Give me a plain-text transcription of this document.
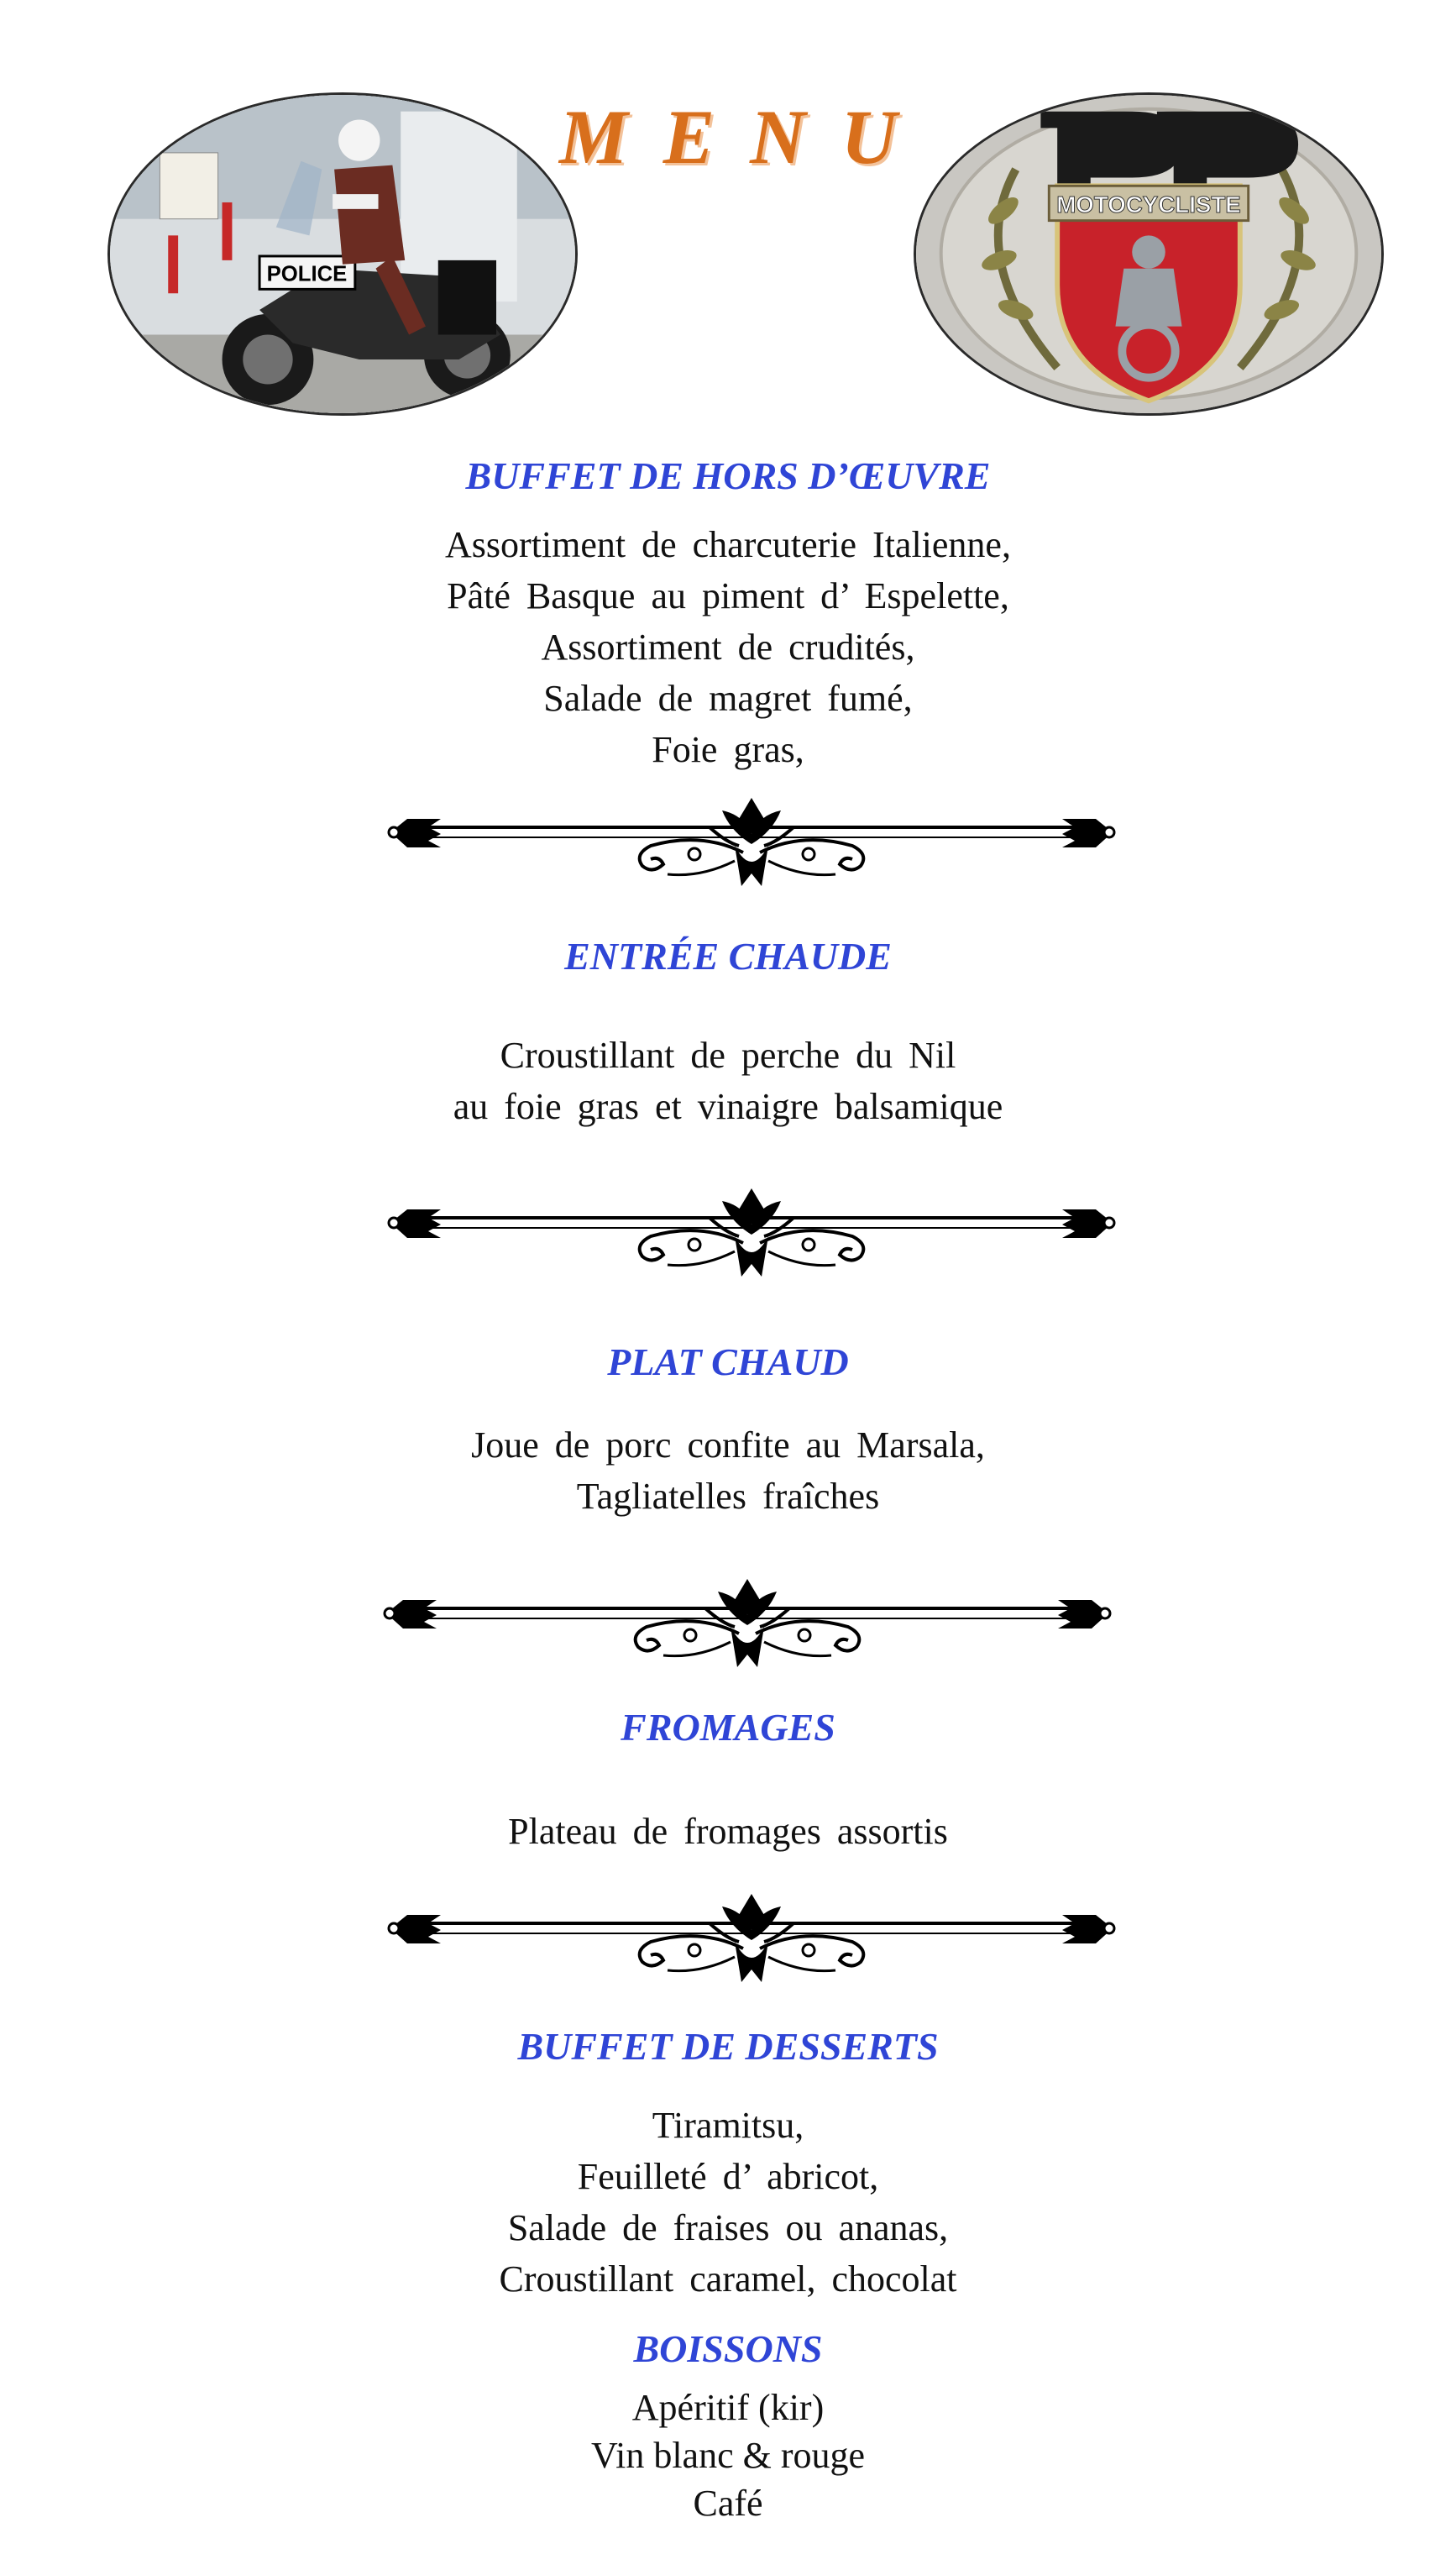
POLICE
MENU
MOTOCYCLISTE
BUFFET DE HORS D’ŒUVRE
Assortiment de charcuterie Italienne,
Pâté Basque au piment d’ Espelette,
Assortiment de crudités,
Salade de magret fumé,
Foie gras,
ENTRÉE CHAUDE
Croustillant de perche du Nil
au foie gras et vinaigre balsamique
PLAT CHAUD
Joue de porc confite au Marsala,
Tagliatelles fraîches
FROMAGES
Plateau de fromages assortis
BUFFET DE DESSERTS
Tiramitsu,
Feuilleté d’ abricot,
Salade de fraises ou ananas,
Croustillant caramel, chocolat
BOISSONS
Apéritif (kir)
Vin blanc & rouge
Café
